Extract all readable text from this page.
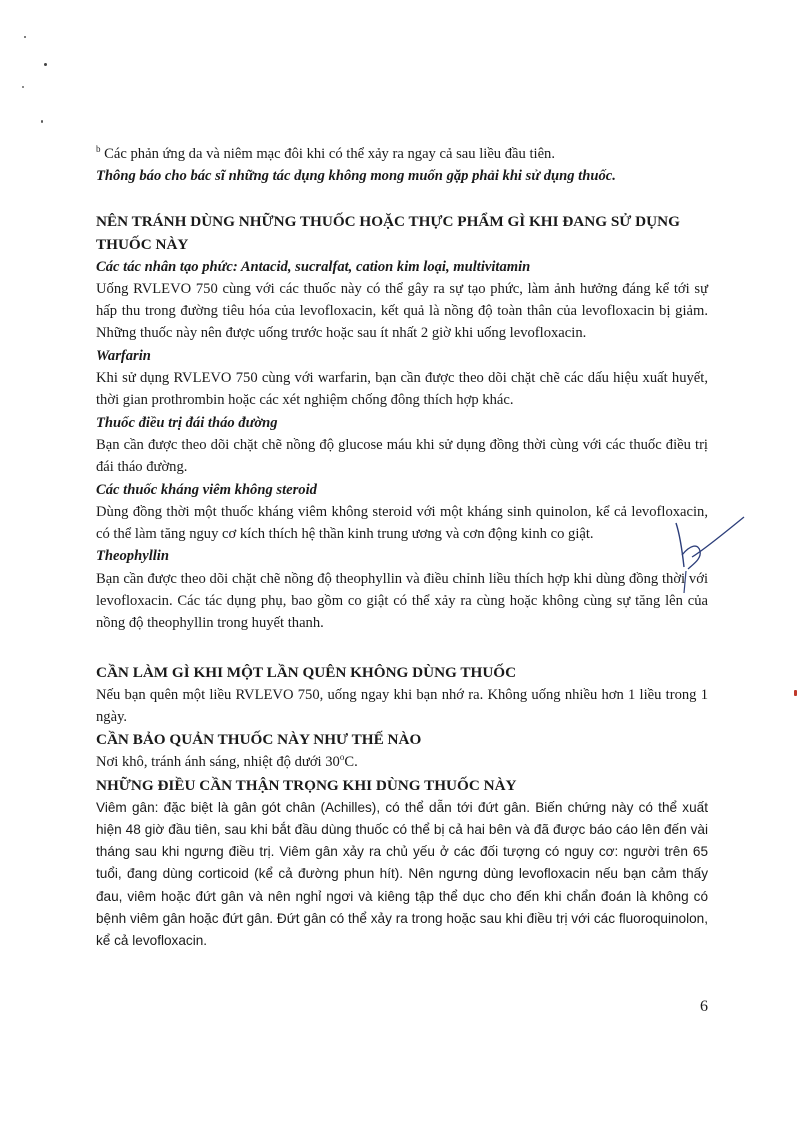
$^b$ Các phản ứng da và niêm mạc đôi khi có thể xảy ra ngay cả sau liều đầu tiên.

Thông báo cho bác sĩ những tác dụng không mong muốn gặp phải khi sử dụng thuốc.

NÊN TRÁNH DÙNG NHỮNG THUỐC HOẶC THỰC PHẨM GÌ KHI ĐANG SỬ DỤNG THUỐC NÀY

Các tác nhân tạo phức: Antacid, sucralfat, cation kim loại, multivitamin

Uống RVLEVO 750 cùng với các thuốc này có thể gây ra sự tạo phức, làm ảnh hưởng đáng kể tới sự hấp thu trong đường tiêu hóa của levofloxacin, kết quả là nồng độ toàn thân của levofloxacin bị giảm. Những thuốc này nên được uống trước hoặc sau ít nhất 2 giờ khi uống levofloxacin.

Warfarin

Khi sử dụng RVLEVO 750 cùng với warfarin, bạn cần được theo dõi chặt chẽ các dấu hiệu xuất huyết, thời gian prothrombin hoặc các xét nghiệm chống đông thích hợp khác.

Thuốc điều trị đái tháo đường

Bạn cần được theo dõi chặt chẽ nồng độ glucose máu khi sử dụng đồng thời cùng với các thuốc điều trị đái tháo đường.

Các thuốc kháng viêm không steroid

Dùng đồng thời một thuốc kháng viêm không steroid với một kháng sinh quinolon, kể cả levofloxacin, có thể làm tăng nguy cơ kích thích hệ thần kinh trung ương và cơn động kinh co giật.

Theophyllin

Bạn cần được theo dõi chặt chẽ nồng độ theophyllin và điều chỉnh liều thích hợp khi dùng đồng thời với levofloxacin. Các tác dụng phụ, bao gồm co giật có thể xảy ra cùng hoặc không cùng sự tăng lên của nồng độ theophyllin trong huyết thanh.

CẦN LÀM GÌ KHI MỘT LẦN QUÊN KHÔNG DÙNG THUỐC

Nếu bạn quên một liều RVLEVO 750, uống ngay khi bạn nhớ ra. Không uống nhiều hơn 1 liều trong 1 ngày.

CẦN BẢO QUẢN THUỐC NÀY NHƯ THẾ NÀO

Nơi khô, tránh ánh sáng, nhiệt độ dưới 30$^o$C.

NHỮNG ĐIỀU CẦN THẬN TRỌNG KHI DÙNG THUỐC NÀY

Viêm gân: đặc biệt là gân gót chân (Achilles), có thể dẫn tới đứt gân. Biến chứng này có thể xuất hiện 48 giờ đầu tiên, sau khi bắt đầu dùng thuốc có thể bị cả hai bên và đã được báo cáo lên đến vài tháng sau khi ngưng điều trị. Viêm gân xảy ra chủ yếu ở các đối tượng có nguy cơ: người trên 65 tuổi, đang dùng corticoid (kể cả đường phun hít). Nên ngưng dùng levofloxacin nếu bạn cảm thấy đau, viêm hoặc đứt gân và nên nghỉ ngơi và kiêng tập thể dục cho đến khi chẩn đoán là không có bệnh viêm gân hoặc đứt gân. Đứt gân có thể xảy ra trong hoặc sau khi điều trị với các fluoroquinolon, kể cả levofloxacin.

6
